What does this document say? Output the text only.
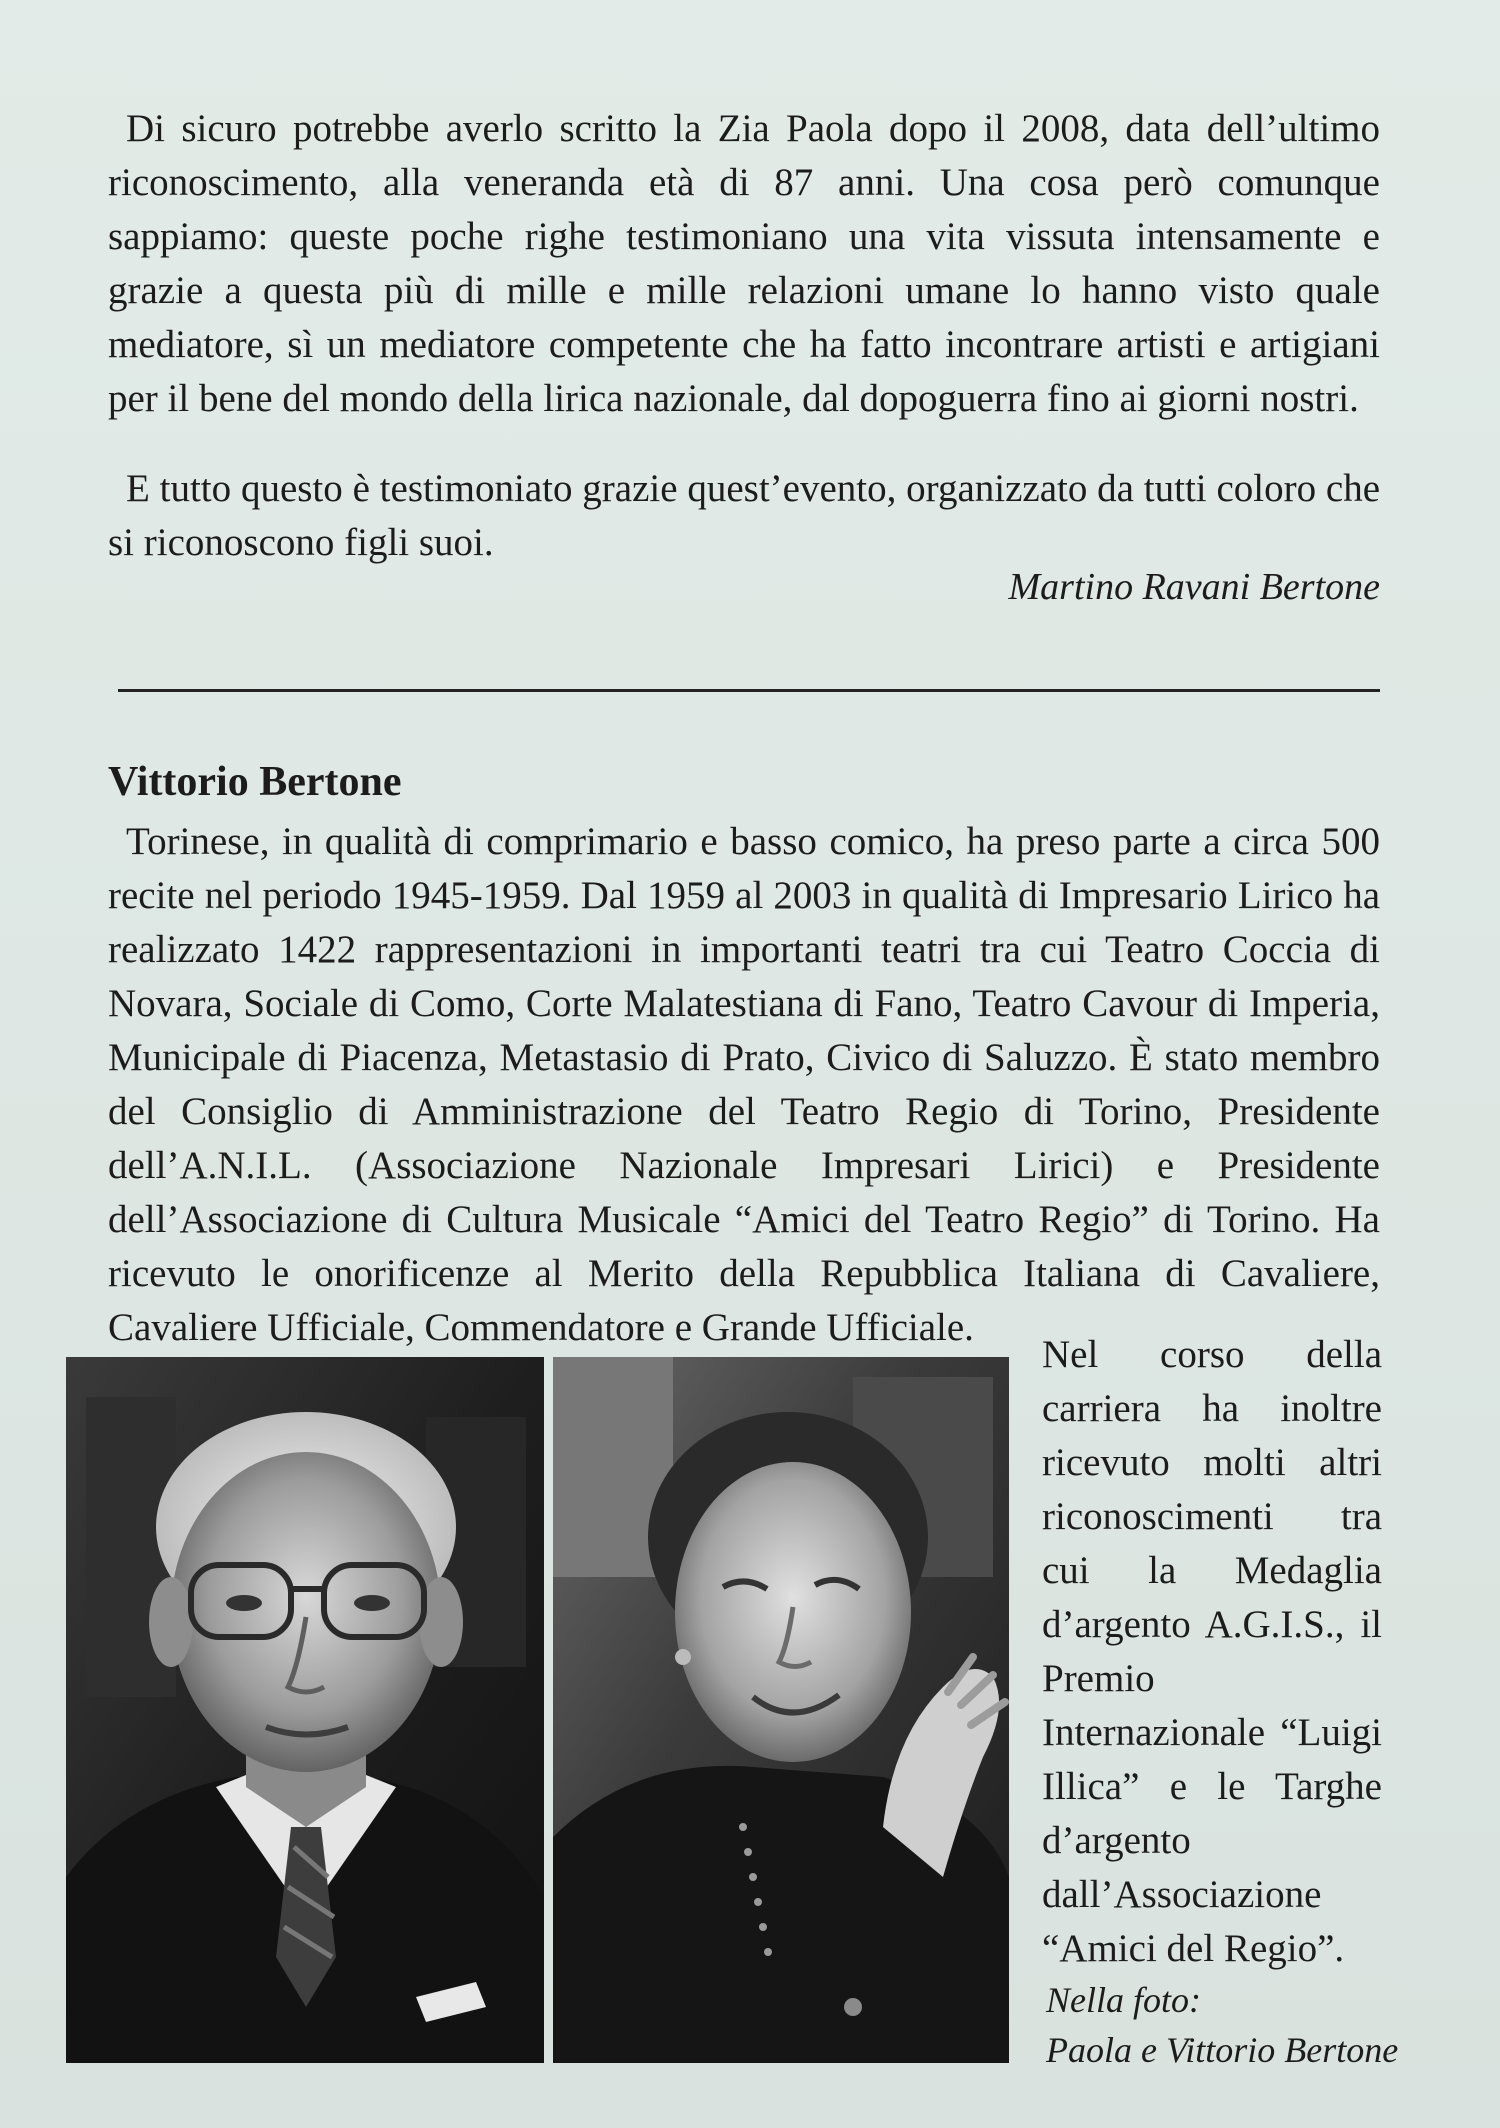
Di sicuro potrebbe averlo scritto la Zia Paola dopo il 2008, data dell’ultimo riconoscimento, alla veneranda età di 87 anni. Una cosa però comunque sappiamo: queste poche righe testimoniano una vita vissuta intensamente e grazie a questa più di mille e mille relazioni umane lo hanno visto quale mediatore, sì un mediatore competente che ha fatto incontrare artisti e artigiani per il bene del mondo della lirica nazionale, dal dopoguerra fino ai giorni nostri.

E tutto questo è testimoniato grazie quest’evento, organizzato da tutti coloro che si riconoscono figli suoi.

Martino Ravani Bertone

Vittorio Bertone

Torinese, in qualità di comprimario e basso comico, ha preso parte a circa 500 recite nel periodo 1945-1959. Dal 1959 al 2003 in qualità di Impresario Lirico ha realizzato 1422 rappresentazioni in importanti teatri tra cui Teatro Coccia di Novara, Sociale di Como, Corte Malatestiana di Fano, Teatro Cavour di Imperia, Municipale di Piacenza, Metastasio di Prato, Civico di Saluzzo. È stato membro del Consiglio di Amministrazione del Teatro Regio di Torino, Presidente dell’A.N.I.L. (Associazione Nazionale Impresari Lirici) e Presidente dell’Associazione di Cultura Musicale “Amici del Teatro Regio” di Torino. Ha ricevuto le onorificenze al Merito della Repubblica Italiana di Cavaliere, Cavaliere Ufficiale, Commendatore e Grande Ufficiale.

Nel corso della carriera ha inoltre ricevuto molti altri riconoscimenti tra cui la Medaglia d’argento A.G.I.S., il Premio Internazionale “Luigi Illica” e le Targhe d’argento dall’Associazione “Amici del Regio”.

Nella foto:
Paola e Vittorio Bertone
